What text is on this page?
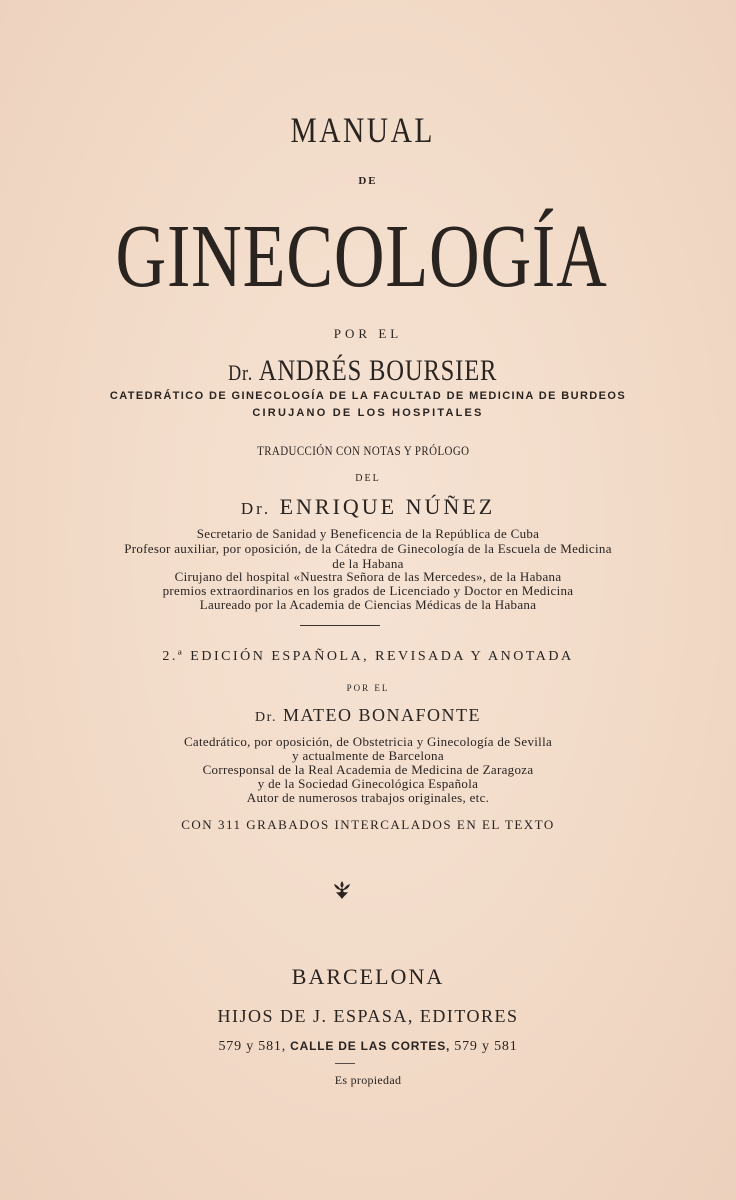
MANUAL

DE

GINECOLOGÍA

POR EL

Dr. ANDRÉS BOURSIER

CATEDRÁTICO DE GINECOLOGÍA DE LA FACULTAD DE MEDICINA DE BURDEOS

CIRUJANO DE LOS HOSPITALES

TRADUCCIÓN CON NOTAS Y PRÓLOGO

DEL

Dr. ENRIQUE NÚÑEZ

Secretario de Sanidad y Beneficencia de la República de Cuba

Profesor auxiliar, por oposición, de la Cátedra de Ginecología de la Escuela de Medicina

de la Habana

Cirujano del hospital «Nuestra Señora de las Mercedes», de la Habana

premios extraordinarios en los grados de Licenciado y Doctor en Medicina

Laureado por la Academia de Ciencias Médicas de la Habana

2.ª EDICIÓN ESPAÑOLA, REVISADA Y ANOTADA

POR EL

Dr. MATEO BONAFONTE

Catedrático, por oposición, de Obstetricia y Ginecología de Sevilla

y actualmente de Barcelona

Corresponsal de la Real Academia de Medicina de Zaragoza

y de la Sociedad Ginecológica Española

Autor de numerosos trabajos originales, etc.

CON 311 GRABADOS INTERCALADOS EN EL TEXTO

BARCELONA

HIJOS DE J. ESPASA, EDITORES

579 y 581, CALLE DE LAS CORTES, 579 y 581

Es propiedad
